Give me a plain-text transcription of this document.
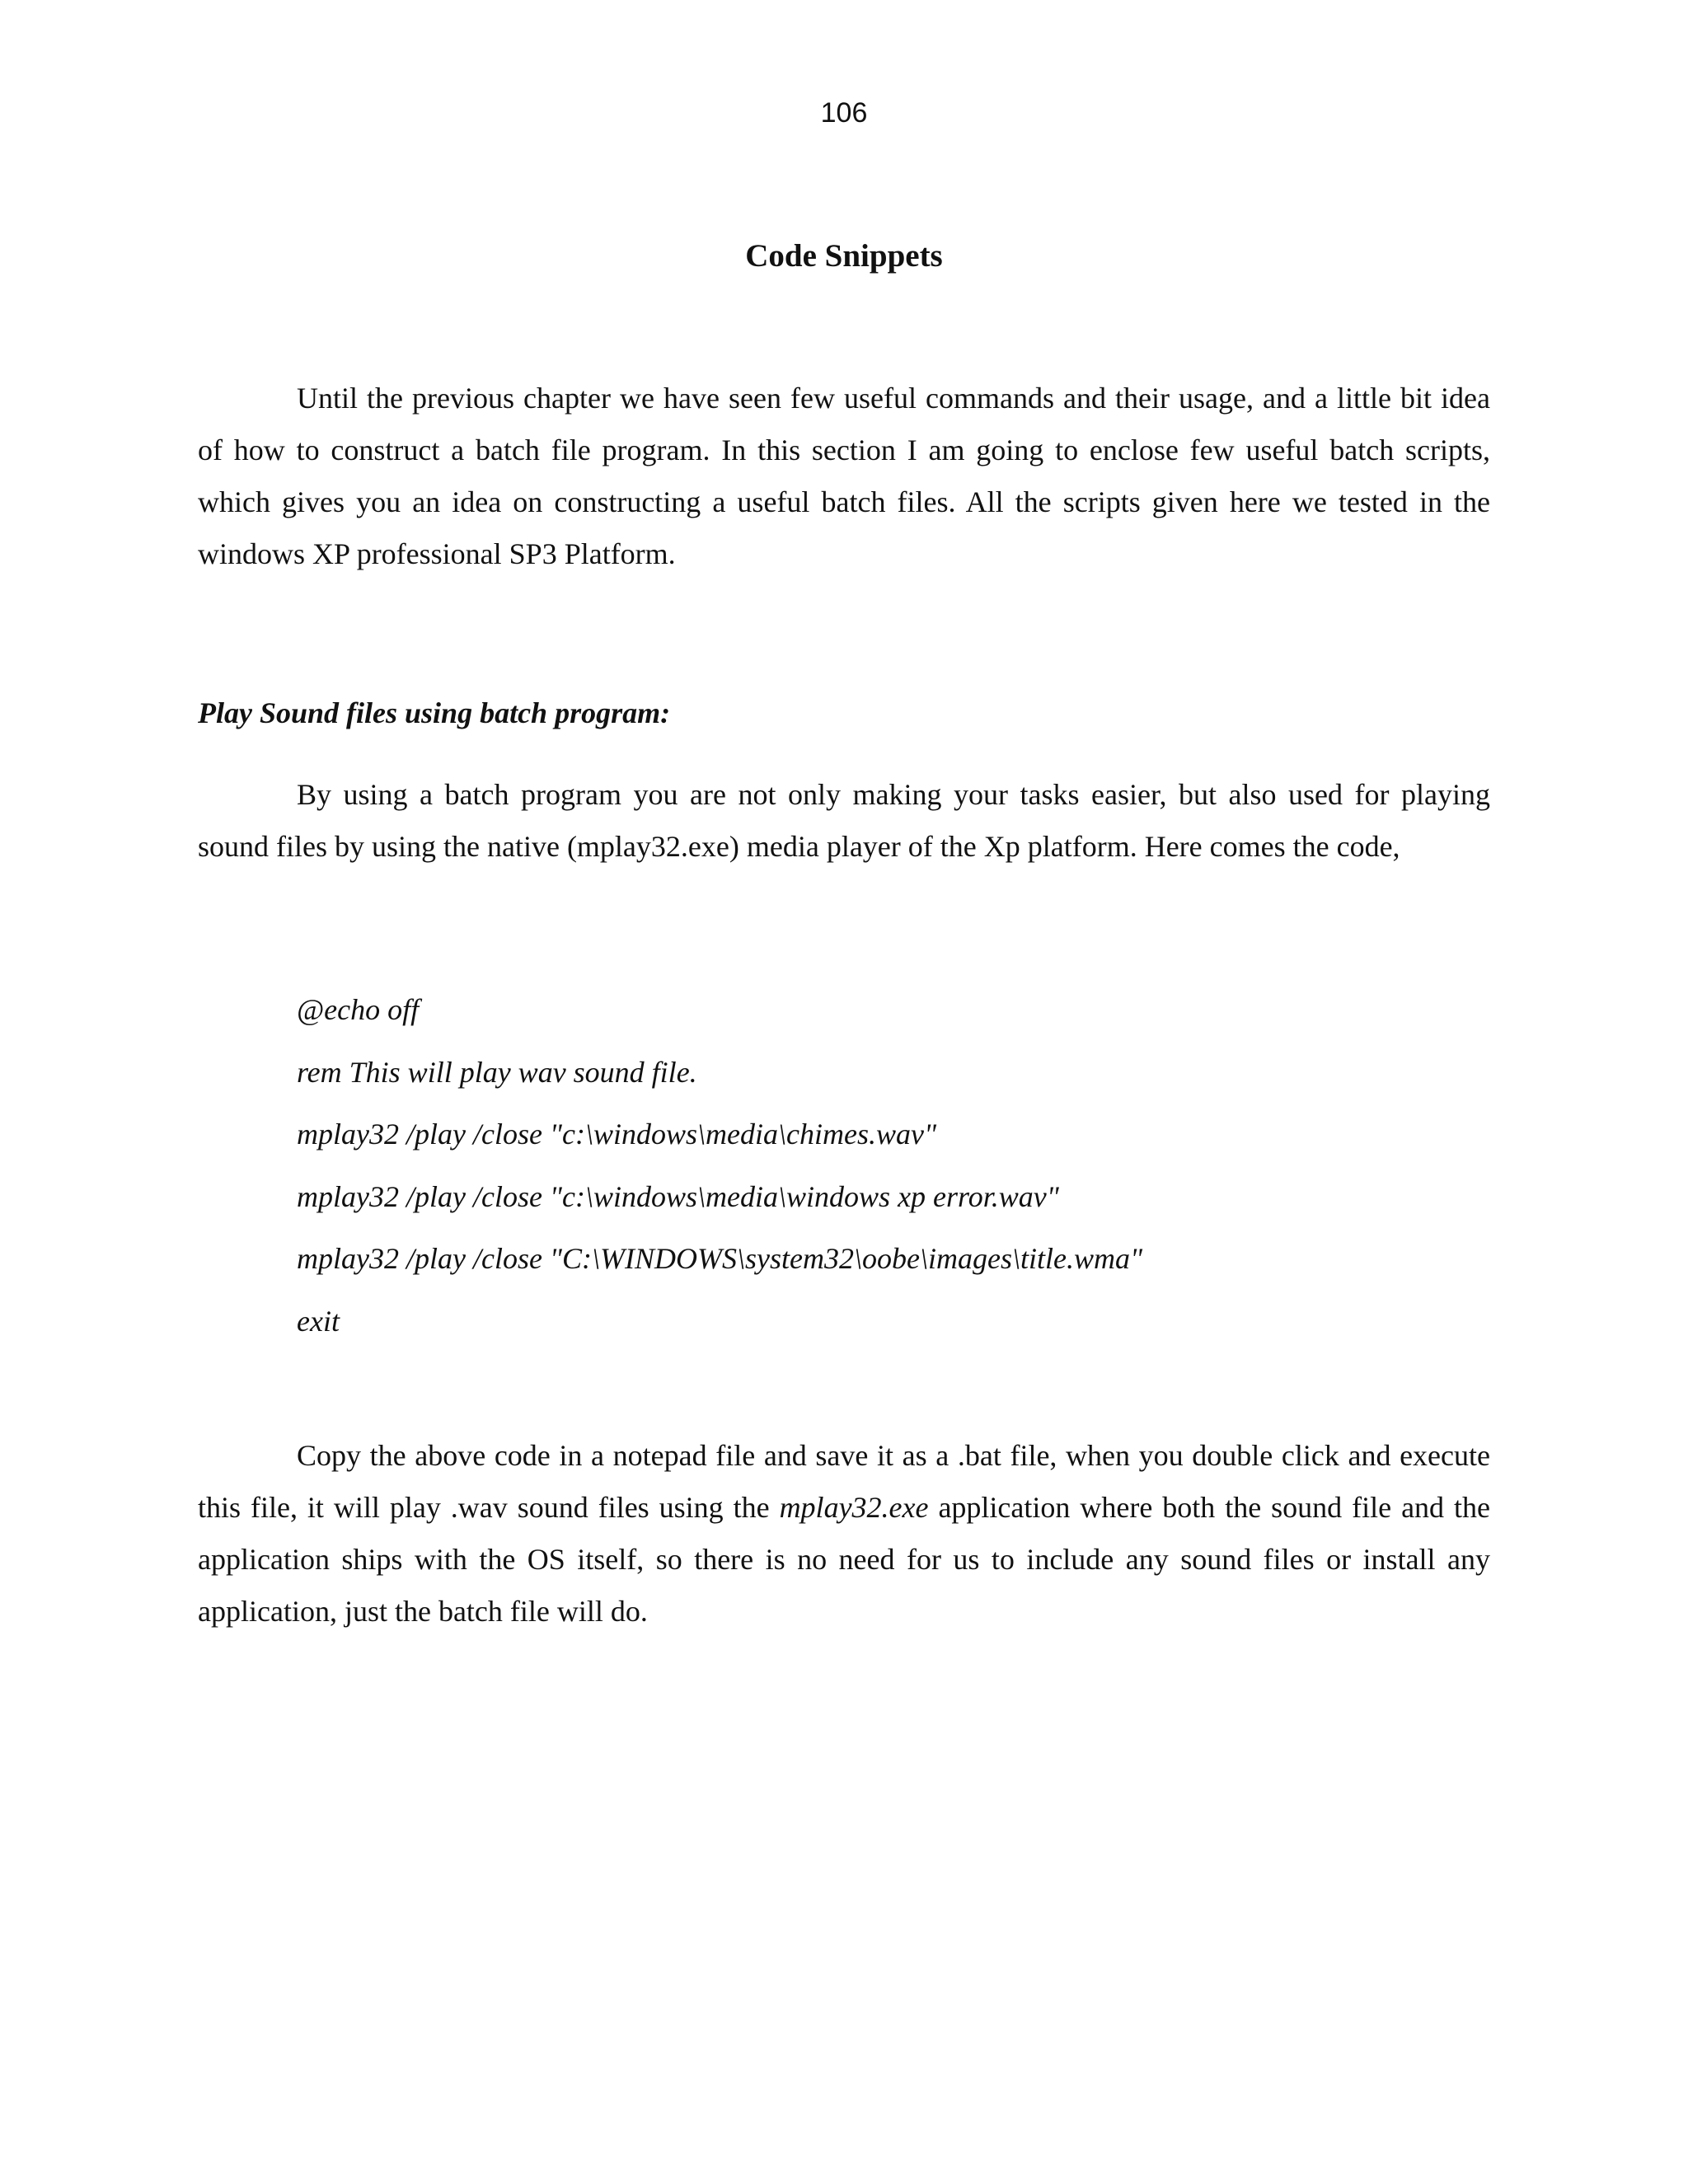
106
Code Snippets

Until the previous chapter we have seen few useful commands and their usage, and a little bit idea of how to construct a batch file program. In this section I am going to enclose few useful batch scripts, which gives you an idea on constructing a useful batch files. All the scripts given here we tested in the windows XP professional SP3 Platform.

Play Sound files using batch program:

By using a batch program you are not only making your tasks easier, but also used for playing sound files by using the native (mplay32.exe) media player of the Xp platform. Here comes the code,

@echo off
rem This will play wav sound file.
mplay32 /play /close "c:\windows\media\chimes.wav"
mplay32 /play /close "c:\windows\media\windows xp error.wav"
mplay32 /play /close "C:\WINDOWS\system32\oobe\images\title.wma"
exit

Copy the above code in a notepad file and save it as a .bat file, when you double click and execute this file, it will play .wav sound files using the mplay32.exe application where both the sound file and the application ships with the OS itself, so there is no need for us to include any sound files or install any application, just the batch file will do.
